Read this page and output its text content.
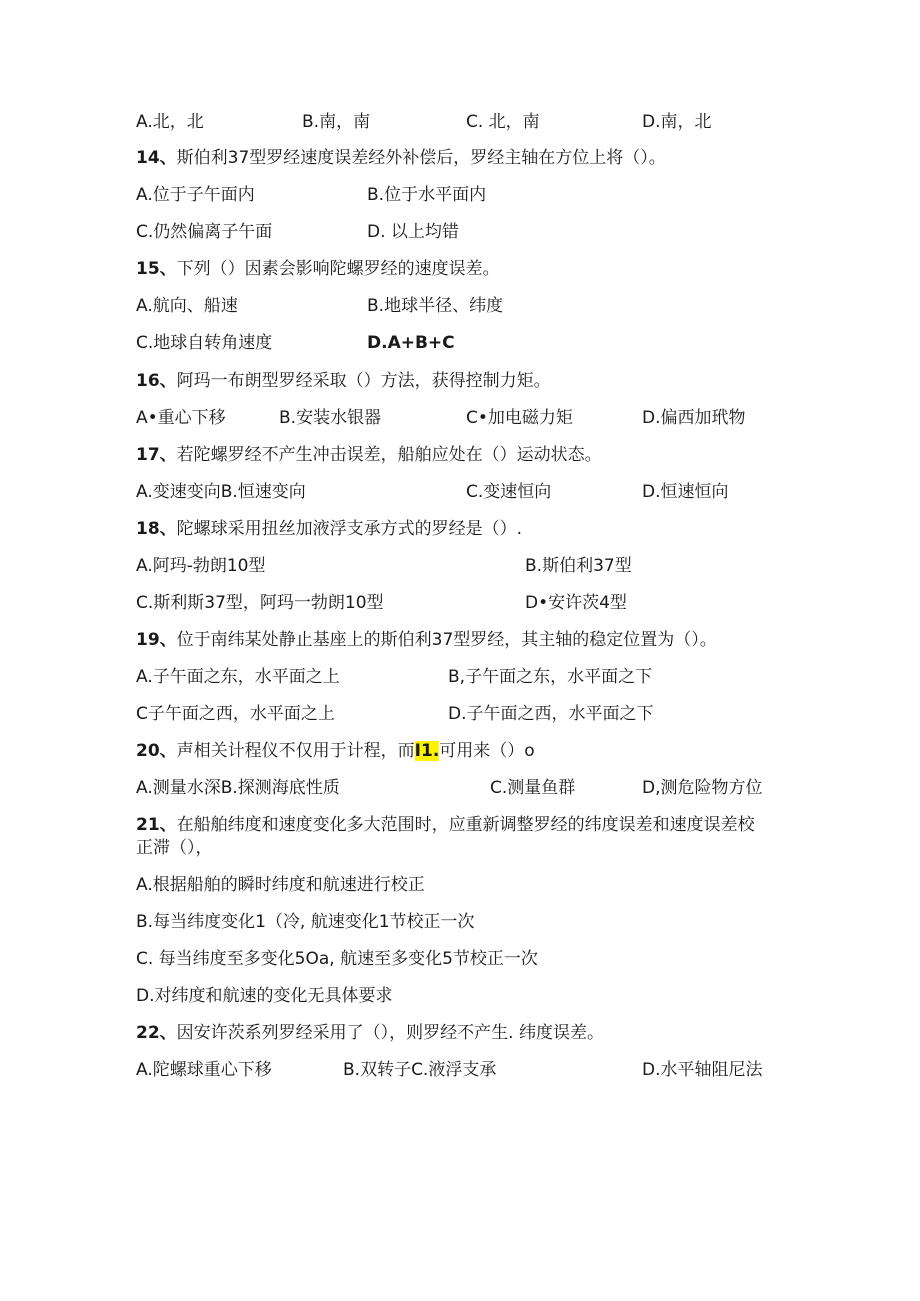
A.北，北	B.南，南	C. 北，南	D.南，北
14、斯伯利37型罗经速度误差经外补偿后，罗经主轴在方位上将（）。
A.位于子午面内	B.位于水平面内
C.仍然偏离子午面	D. 以上均错
15、下列（）因素会影响陀螺罗经的速度误差。
A.航向、船速	B.地球半径、纬度
C.地球自转角速度	D.A+B+C
16、阿玛一布朗型罗经采取（）方法，获得控制力矩。
A•重心下移	B.安装水银器	C•加电磁力矩	D.偏西加玳物
17、若陀螺罗经不产生冲击误差，船舶应处在（）运动状态。
A.变速变向B.恒速变向	C.变速恒向	D.恒速恒向
18、陀螺球采用扭丝加液浮支承方式的罗经是（）.
A.阿玛-勃朗10型	B.斯伯利37型
C.斯利斯37型，阿玛一勃朗10型	D•安许茨4型
19、位于南纬某处静止基座上的斯伯利37型罗经，其主轴的稳定位置为（）。
A.子午面之东，水平面之上	B,子午面之东，水平面之下
C子午面之西，水平面之上	D.子午面之西，水平面之下
20、声相关计程仪不仅用于计程，而I1.可用来（）o
A.测量水深B.探测海底性质	C.测量鱼群	D,测危险物方位
21、在船舶纬度和速度变化多大范围时，应重新调整罗经的纬度误差和速度误差校
正滞（），
A.根据船舶的瞬时纬度和航速进行校正
B.每当纬度变化1（冷, 航速变化1节校正一次
C. 每当纬度至多变化5Oa, 航速至多变化5节校正一次
D.对纬度和航速的变化无具体要求
22、因安许茨系列罗经采用了（），则罗经不产生. 纬度误差。
A.陀螺球重心下移	B.双转子C.液浮支承	D.水平轴阻尼法
